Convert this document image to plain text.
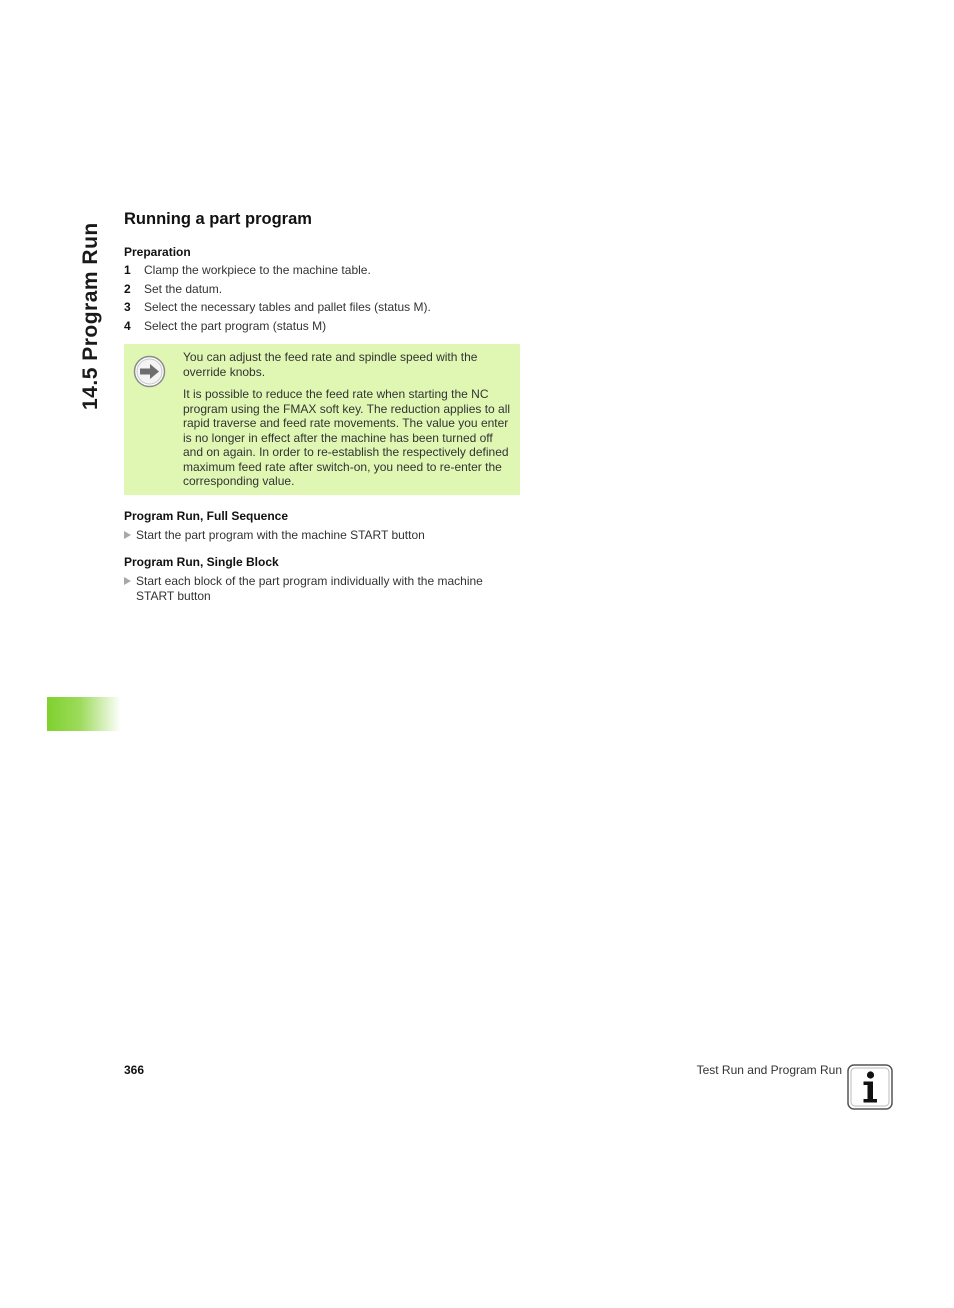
14.5 Program Run
Running a part program
Preparation
1	Clamp the workpiece to the machine table.
2	Set the datum.
3	Select the necessary tables and pallet files (status M).
4	Select the part program (status M)

You can adjust the feed rate and spindle speed with the override knobs.

It is possible to reduce the feed rate when starting the NC program using the FMAX soft key. The reduction applies to all rapid traverse and feed rate movements. The value you enter is no longer in effect after the machine has been turned off and on again. In order to re-establish the respectively defined maximum feed rate after switch-on, you need to re-enter the corresponding value.

Program Run, Full Sequence
Start the part program with the machine START button
Program Run, Single Block
Start each block of the part program individually with the machine START button
366	Test Run and Program Run
